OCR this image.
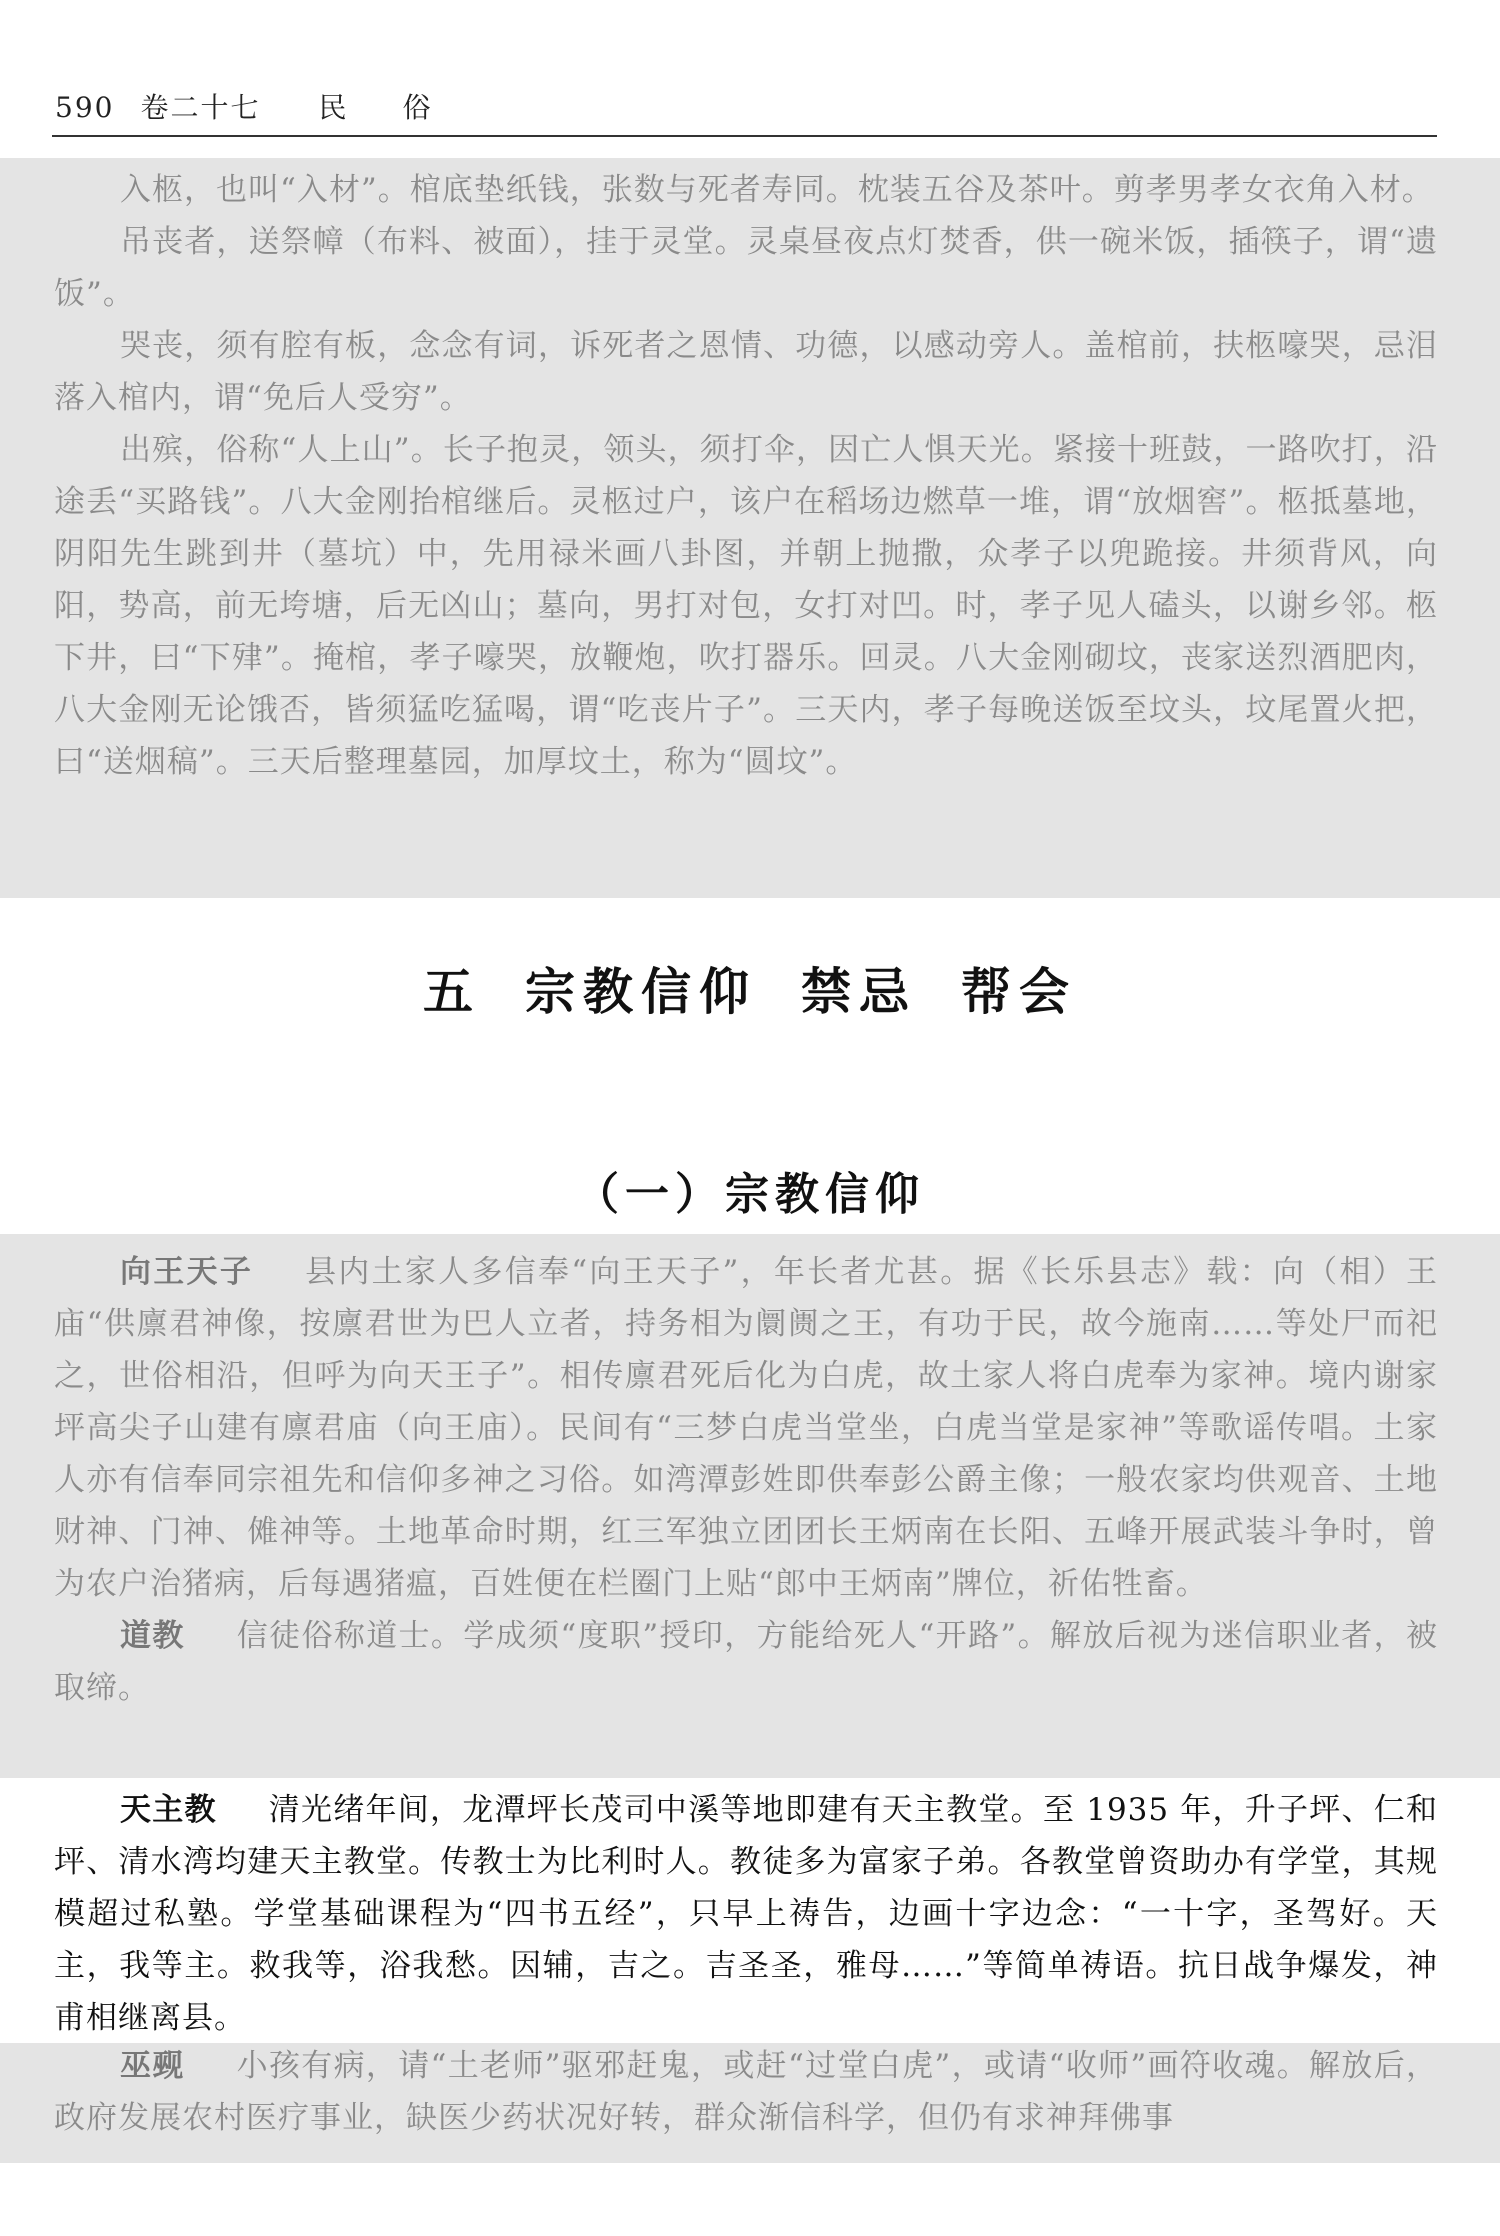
590 卷二十七 民 俗

入柩，也叫“入材”。棺底垫纸钱，张数与死者寿同。枕装五谷及茶叶。剪孝男孝女衣角入材。

吊丧者，送祭幛（布料、被面），挂于灵堂。灵桌昼夜点灯焚香，供一碗米饭，插筷子，谓“遗饭”。

哭丧，须有腔有板，念念有词，诉死者之恩情、功德，以感动旁人。盖棺前，扶柩嚎哭，忌泪落入棺内，谓“免后人受穷”。

出殡，俗称“人上山”。长子抱灵，领头，须打伞，因亡人惧天光。紧接十班鼓，一路吹打，沿途丢“买路钱”。八大金刚抬棺继后。灵柩过户，该户在稻场边燃草一堆，谓“放烟窖”。柩抵墓地，阴阳先生跳到井（墓坑）中，先用禄米画八卦图，并朝上抛撒，众孝子以兜跪接。井须背风，向阳，势高，前无垮塘，后无凶山；墓向，男打对包，女打对凹。时，孝子见人磕头，以谢乡邻。柩下井，曰“下肂”。掩棺，孝子嚎哭，放鞭炮，吹打器乐。回灵。八大金刚砌坟，丧家送烈酒肥肉，八大金刚无论饿否，皆须猛吃猛喝，谓“吃丧片子”。三天内，孝子每晚送饭至坟头，坟尾置火把，曰“送烟稿”。三天后整理墓园，加厚坟土，称为“圆坟”。

五 宗教信仰 禁忌 帮会
（一）宗教信仰

向王天子 县内土家人多信奉“向王天子”，年长者尤甚。据《长乐县志》载：向（相）王庙“供廪君神像，按廪君世为巴人立者，持务相为阛阓之王，有功于民，故今施南……等处尸而祀之，世俗相沿，但呼为向天王子”。相传廪君死后化为白虎，故土家人将白虎奉为家神。境内谢家坪高尖子山建有廪君庙（向王庙）。民间有“三梦白虎当堂坐，白虎当堂是家神”等歌谣传唱。土家人亦有信奉同宗祖先和信仰多神之习俗。如湾潭彭姓即供奉彭公爵主像；一般农家均供观音、土地财神、门神、傩神等。土地革命时期，红三军独立团团长王炳南在长阳、五峰开展武装斗争时，曾为农户治猪病，后每遇猪瘟，百姓便在栏圈门上贴“郎中王炳南”牌位，祈佑牲畜。

道教 信徒俗称道士。学成须“度职”授印，方能给死人“开路”。解放后视为迷信职业者，被取缔。

天主教 清光绪年间，龙潭坪长茂司中溪等地即建有天主教堂。至 1935 年，升子坪、仁和坪、清水湾均建天主教堂。传教士为比利时人。教徒多为富家子弟。各教堂曾资助办有学堂，其规模超过私塾。学堂基础课程为“四书五经”，只早上祷告，边画十字边念：“一十字，圣驾好。天主，我等主。救我等，浴我愁。因辅，吉之。吉圣圣，雅母……”等简单祷语。抗日战争爆发，神甫相继离县。

巫觋 小孩有病，请“土老师”驱邪赶鬼，或赶“过堂白虎”，或请“收师”画符收魂。解放后，政府发展农村医疗事业，缺医少药状况好转，群众渐信科学，但仍有求神拜佛事
